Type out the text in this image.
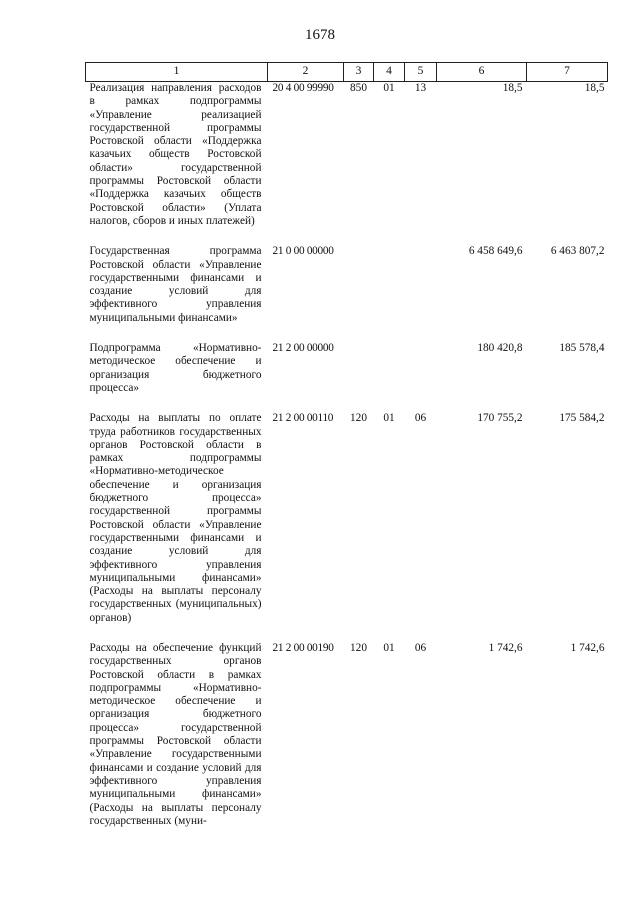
1678
1	2	3	4	5	6	7
Реализация направления расходов в рамках подпрограммы «Управление реализацией государственной программы Ростовской области «Поддержка казачьих обществ Ростовской области» государственной программы Ростовской области «Поддержка казачьих обществ Ростовской области» (Уплата налогов, сборов и иных платежей)	20 4 00 99990	850	01	13	18,5	18,5
Государственная программа Ростовской области «Управление государственными финансами и создание условий для эффективного управления муниципальными финансами»	21 0 00 00000				6 458 649,6	6 463 807,2
Подпрограмма «Нормативно-методическое обеспечение и организация бюджетного процесса»	21 2 00 00000				180 420,8	185 578,4
Расходы на выплаты по оплате труда работников государственных органов Ростовской области в рамках подпрограммы «Нормативно-методическое обеспечение и организация бюджетного процесса» государственной программы Ростовской области «Управление государственными финансами и создание условий для эффективного управления муниципальными финансами» (Расходы на выплаты персоналу государственных (муниципальных) органов)	21 2 00 00110	120	01	06	170 755,2	175 584,2
Расходы на обеспечение функций государственных органов Ростовской области в рамках подпрограммы «Нормативно-методическое обеспечение и организация бюджетного процесса» государственной программы Ростовской области «Управление государственными финансами и создание условий для эффективного управления муниципальными финансами» (Расходы на выплаты персоналу государственных (муни-	21 2 00 00190	120	01	06	1 742,6	1 742,6
